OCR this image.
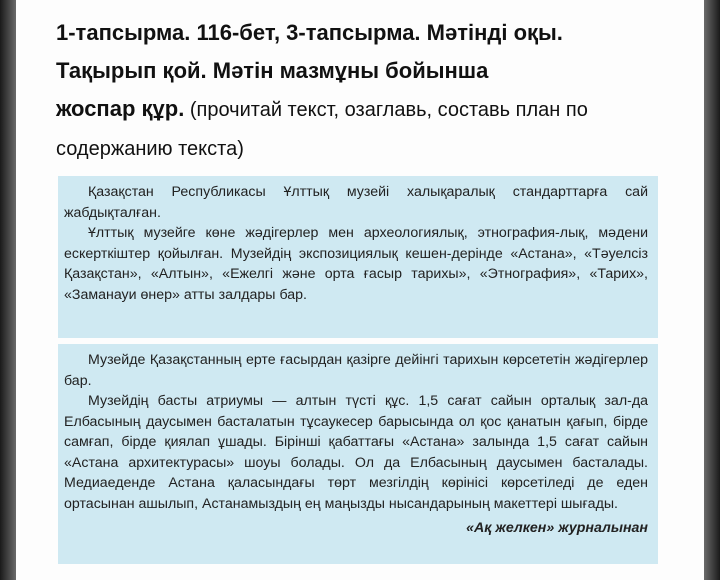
1-тапсырма. 116-бет, 3-тапсырма. Мәтінді оқы.
Тақырып қой. Мәтін мазмұны бойынша
жоспар құр. (прочитай текст, озаглавь, составь план по
содержанию текста)

Қазақстан Республикасы Ұлттық музейі халықаралық стандарттарға сай жабдықталған.

Ұлттық музейге көне жәдігерлер мен археологиялық, этнография-лық, мәдени ескерткіштер қойылған. Музейдің экспозициялық кешен-дерінде «Астана», «Тәуелсіз Қазақстан», «Алтын», «Ежелгі және орта ғасыр тарихы», «Этнография», «Тарих», «Заманауи өнер» атты залдары бар.

Музейде Қазақстанның ерте ғасырдан қазірге дейінгі тарихын көрсететін жәдігерлер бар.

Музейдің басты атриумы — алтын түсті құс. 1,5 сағат сайын орталық зал-да Елбасының даусымен басталатын тұсаукесер барысында ол қос қанатын қағып, бірде самғап, бірде қиялап ұшады. Бірінші қабаттағы «Астана» залында 1,5 сағат сайын «Астана архитектурасы» шоуы болады. Ол да Елбасының даусымен басталады. Медиаеденде Астана қаласындағы төрт мезгілдің көрінісі көрсетіледі де еден ортасынан ашылып, Астанамыздың ең маңызды нысандарының макеттері шығады.

«Ақ желкен» журналынан
